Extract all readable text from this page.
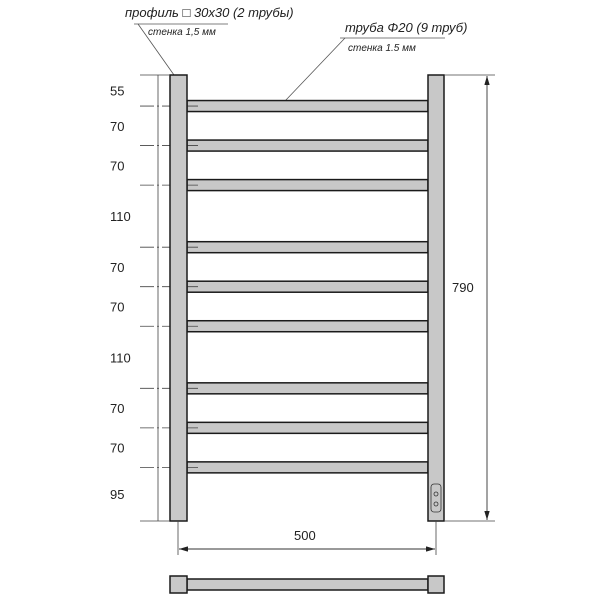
профиль □ 30x30 (2 трубы)
стенка 1,5 мм	труба Φ20 (9 труб)
стенка 1.5 мм
55
70
70
110
70
70
110
70
70
95
790
500
